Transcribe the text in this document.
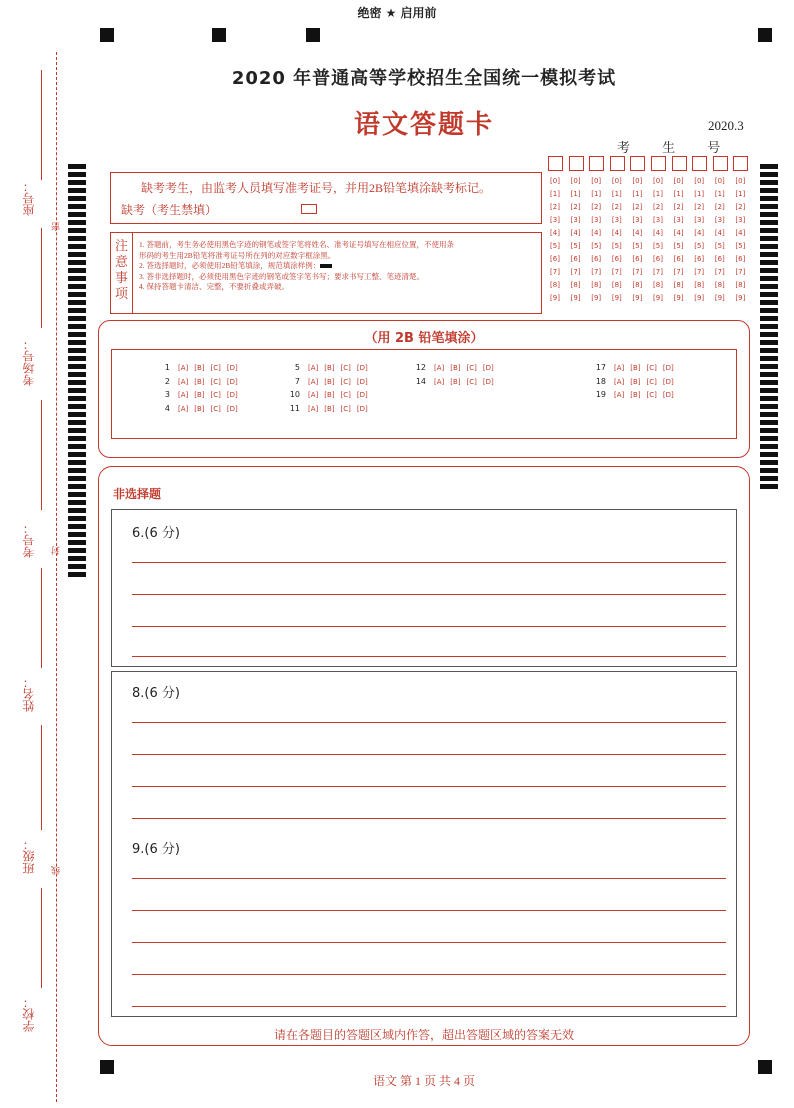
绝密 ★ 启用前
2020 年普通高等学校招生全国统一模拟考试
语文答题卡	2020.3
考 生 号
座号：
考场号：
考号：
姓名：
班级：
学校：
密
封
线
缺考考生，由监考人员填写准考证号，并用2B铅笔填涂缺考标记。
缺考（考生禁填）
注
意
事
项
1. 答题前，考生务必使用黑色字迹的钢笔或签字笔将姓名、准考证号填写在相应位置，不使用条
形码的考生用2B铅笔将准考证号所在列的对应数字框涂黑。
2. 答选择题时，必须使用2B铅笔填涂，规范填涂样例：
3. 答非选择题时，必须使用黑色字迹的钢笔或签字笔书写；要求书写工整、笔迹清楚。
4. 保持答题卡清洁、完整，不要折叠或弄破。
[ 0 ]
[ 1 ]
[ 2 ]
[ 3 ]
[ 4 ]
[ 5 ]
[ 6 ]
[ 7 ]
[ 8 ]
[ 9 ]
[ 0 ]
[ 1 ]
[ 2 ]
[ 3 ]
[ 4 ]
[ 5 ]
[ 6 ]
[ 7 ]
[ 8 ]
[ 9 ]
[ 0 ]
[ 1 ]
[ 2 ]
[ 3 ]
[ 4 ]
[ 5 ]
[ 6 ]
[ 7 ]
[ 8 ]
[ 9 ]
[ 0 ]
[ 1 ]
[ 2 ]
[ 3 ]
[ 4 ]
[ 5 ]
[ 6 ]
[ 7 ]
[ 8 ]
[ 9 ]
[ 0 ]
[ 1 ]
[ 2 ]
[ 3 ]
[ 4 ]
[ 5 ]
[ 6 ]
[ 7 ]
[ 8 ]
[ 9 ]
[ 0 ]
[ 1 ]
[ 2 ]
[ 3 ]
[ 4 ]
[ 5 ]
[ 6 ]
[ 7 ]
[ 8 ]
[ 9 ]
[ 0 ]
[ 1 ]
[ 2 ]
[ 3 ]
[ 4 ]
[ 5 ]
[ 6 ]
[ 7 ]
[ 8 ]
[ 9 ]
[ 0 ]
[ 1 ]
[ 2 ]
[ 3 ]
[ 4 ]
[ 5 ]
[ 6 ]
[ 7 ]
[ 8 ]
[ 9 ]
[ 0 ]
[ 1 ]
[ 2 ]
[ 3 ]
[ 4 ]
[ 5 ]
[ 6 ]
[ 7 ]
[ 8 ]
[ 9 ]
[ 0 ]
[ 1 ]
[ 2 ]
[ 3 ]
[ 4 ]
[ 5 ]
[ 6 ]
[ 7 ]
[ 8 ]
[ 9 ]
（用 2B 铅笔填涂）
1 [A] [B] [C] [D]
2 [A] [B] [C] [D]
3 [A] [B] [C] [D]
4 [A] [B] [C] [D]
5 [A] [B] [C] [D]
7 [A] [B] [C] [D]
10 [A] [B] [C] [D]
11 [A] [B] [C] [D]
12 [A] [B] [C] [D]
14 [A] [B] [C] [D]
17 [A] [B] [C] [D]
18 [A] [B] [C] [D]
19 [A] [B] [C] [D]
非选择题
6.(6 分)
8.(6 分)
9.(6 分)
请在各题目的答题区域内作答，超出答题区域的答案无效
语文 第 1 页 共 4 页
